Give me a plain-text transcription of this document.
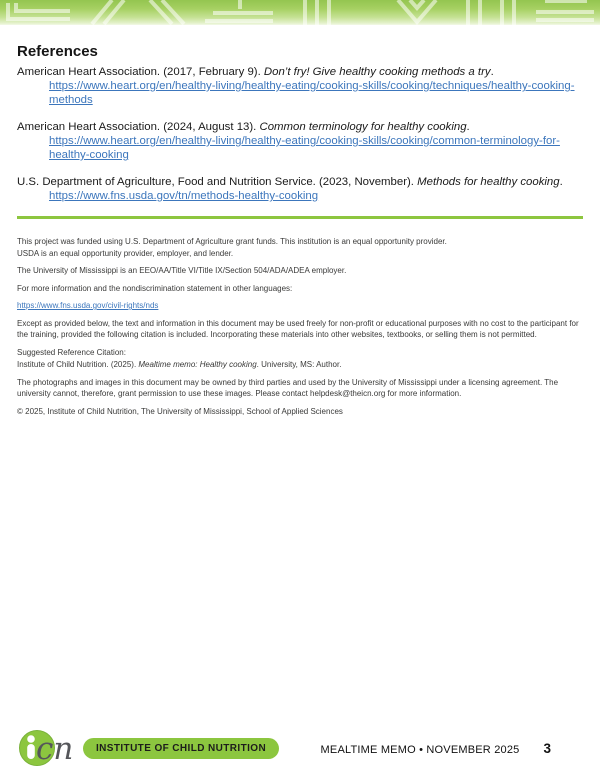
References

American Heart Association. (2017, February 9). Don’t fry! Give healthy cooking methods a try. https://www.heart.org/en/healthy-living/healthy-eating/cooking-skills/cooking/techniques/healthy-cooking-methods

American Heart Association. (2024, August 13). Common terminology for healthy cooking.
https://www.heart.org/en/healthy-living/healthy-eating/cooking-skills/cooking/common-terminology-for-healthy-cooking

U.S. Department of Agriculture, Food and Nutrition Service. (2023, November). Methods for healthy cooking.
https://www.fns.usda.gov/tn/methods-healthy-cooking

This project was funded using U.S. Department of Agriculture grant funds. This institution is an equal opportunity provider.
USDA is an equal opportunity provider, employer, and lender.

The University of Mississippi is an EEO/AA/Title VI/Title IX/Section 504/ADA/ADEA employer.

For more information and the nondiscrimination statement in other languages:

https://www.fns.usda.gov/civil-rights/nds

Except as provided below, the text and information in this document may be used freely for non-profit or educational purposes with no cost to the participant for the training, provided the following citation is included. Incorporating these materials into other websites, textbooks, or selling them is not permitted.

Suggested Reference Citation:

Institute of Child Nutrition. (2025). Mealtime memo: Healthy cooking. University, MS: Author.

The photographs and images in this document may be owned by third parties and used by the University of Mississippi under a licensing agreement. The university cannot, therefore, grant permission to use these images. Please contact helpdesk@theicn.org for more information.

© 2025, Institute of Child Nutrition, The University of Mississippi, School of Applied Sciences

cn INSTITUTE OF CHILD NUTRITION	MEALTIME MEMO • NOVEMBER 2025 3
